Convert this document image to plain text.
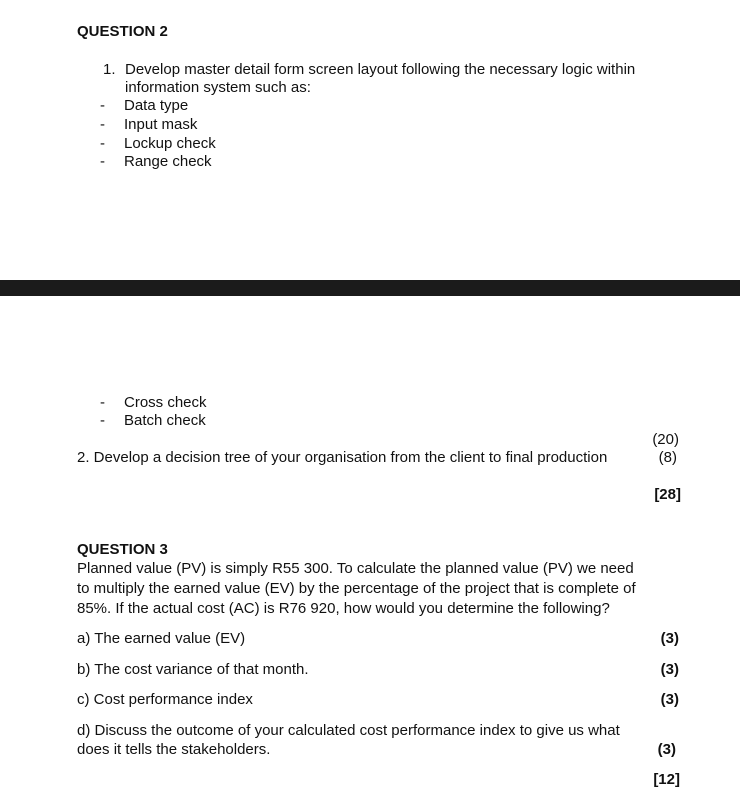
QUESTION 2
1. Develop master detail form screen layout following the necessary logic within
information system such as:
- Data type
- Input mask
- Lockup check
- Range check
- Cross check
- Batch check
(20)
2. Develop a decision tree of your organisation from the client to final production	(8)
[28]
QUESTION 3
Planned value (PV) is simply R55 300. To calculate the planned value (PV) we need
to multiply the earned value (EV) by the percentage of the project that is complete of
85%. If the actual cost (AC) is R76 920, how would you determine the following?
a) The earned value (EV)	(3)
b) The cost variance of that month.	(3)
c) Cost performance index	(3)
d) Discuss the outcome of your calculated cost performance index to give us what
does it tells the stakeholders.	(3)
[12]
